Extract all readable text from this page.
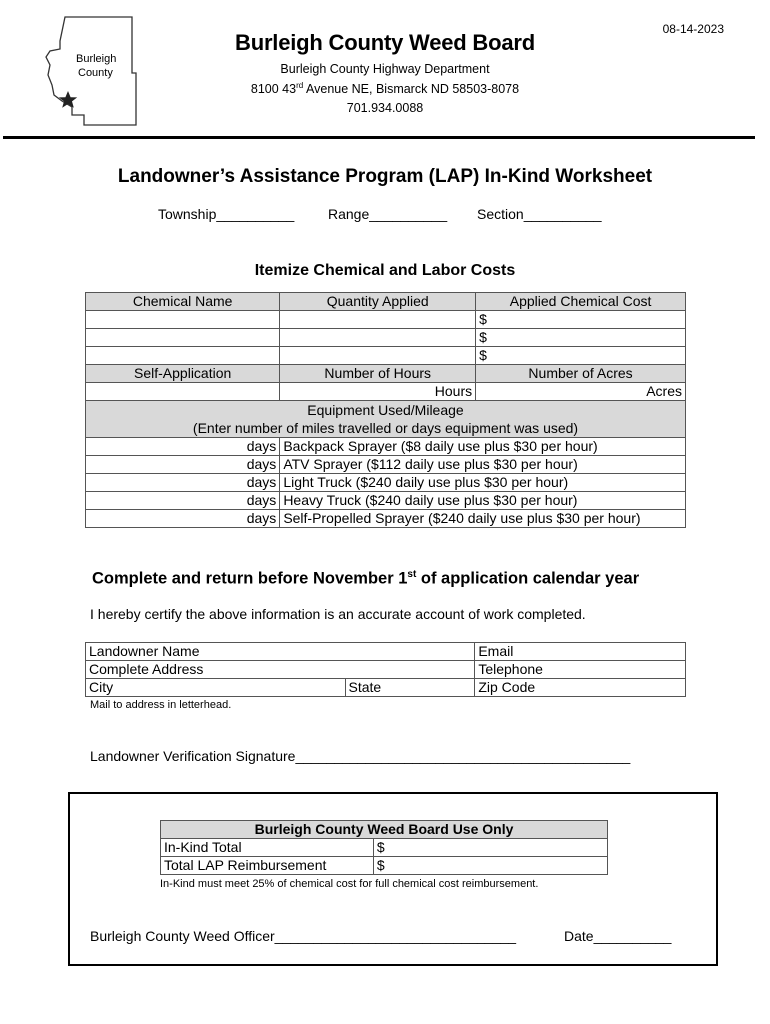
08-14-2023
Burleigh
County
Burleigh County Weed Board
Burleigh County Highway Department
8100 43rd Avenue NE, Bismarck ND 58503-8078
701.934.0088
Landowner’s Assistance Program (LAP) In-Kind Worksheet
Township__________ Range__________ Section__________
Itemize Chemical and Labor Costs
Chemical Name	Quantity Applied	Applied Chemical Cost
		$
		$
		$
Self-Application	Number of Hours	Number of Acres
	Hours	Acres

Equipment Used/Mileage
(Enter number of miles travelled or days equipment was used)		

days	Backpack Sprayer ($8 daily use plus $30 per hour)	
days	ATV Sprayer ($112 daily use plus $30 per hour)	
days	Light Truck ($240 daily use plus $30 per hour)	
days	Heavy Truck ($240 daily use plus $30 per hour)	
days	Self-Propelled Sprayer ($240 daily use plus $30 per hour)	
Complete and return before November 1st of application calendar year
I hereby certify the above information is an accurate account of work completed.
Landowner Name		Email
Complete Address		Telephone
City	State	Zip Code
Mail to address in letterhead.
Landowner Verification Signature___________________________________________
Burleigh County Weed Board Use Only	
In-Kind Total	$
Total LAP Reimbursement	$
In-Kind must meet 25% of chemical cost for full chemical cost reimbursement.
Burleigh County Weed Officer_______________________________	Date__________
